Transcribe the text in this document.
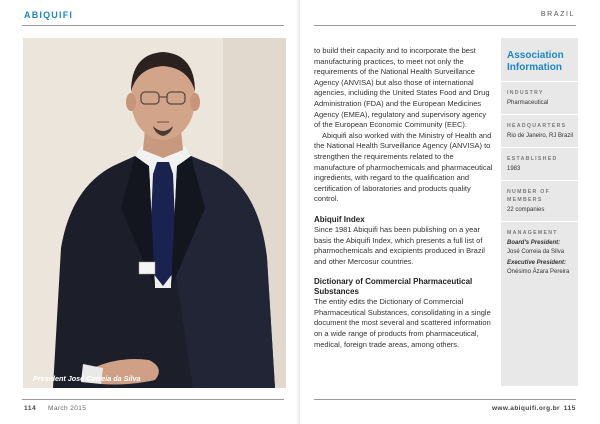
ABIQUIFI
President José Correia da Silva
114 March 2015
BRAZIL

to build their capacity and to incorporate the best manufacturing practices, to meet not only the requirements of the National Health Surveillance Agency (ANVISA) but also those of international agencies, including the United States Food and Drug Administration (FDA) and the European Medicines Agency (EMEA), regulatory and supervisory agency of the European Economic Community (EEC).

Abiquifi also worked with the Ministry of Health and the National Health Surveillance Agency (ANVISA) to strengthen the requirements related to the manufacture of pharmochemicals and pharmaceutical ingredients, with regard to the qualification and certification of laboratories and products quality control.

Abiquif Index

Since 1981 Abiquifi has been publishing on a year basis the Abiquifi Index, which presents a full list of pharmochemicals and excipients produced in Brazil and other Mercosur countries.

Dictionary of Commercial Pharmaceutical Substances

The entity edits the Dictionary of Commercial Pharmaceutical Substances, consolidating in a single document the most several and scattered information on a wide range of products from pharmaceutical, medical, foreign trade areas, among others.

Association Information
INDUSTRY
Pharmaceutical
HEADQUARTERS
Rio de Janeiro, RJ Brazil
ESTABLISHED
1983
NUMBER OF MEMBERS
22 companies
MANAGEMENT
Board's President:
José Correia da Silva
Executive President:
Onésimo Ázara Pereira
www.abiquifi.org.br 115
